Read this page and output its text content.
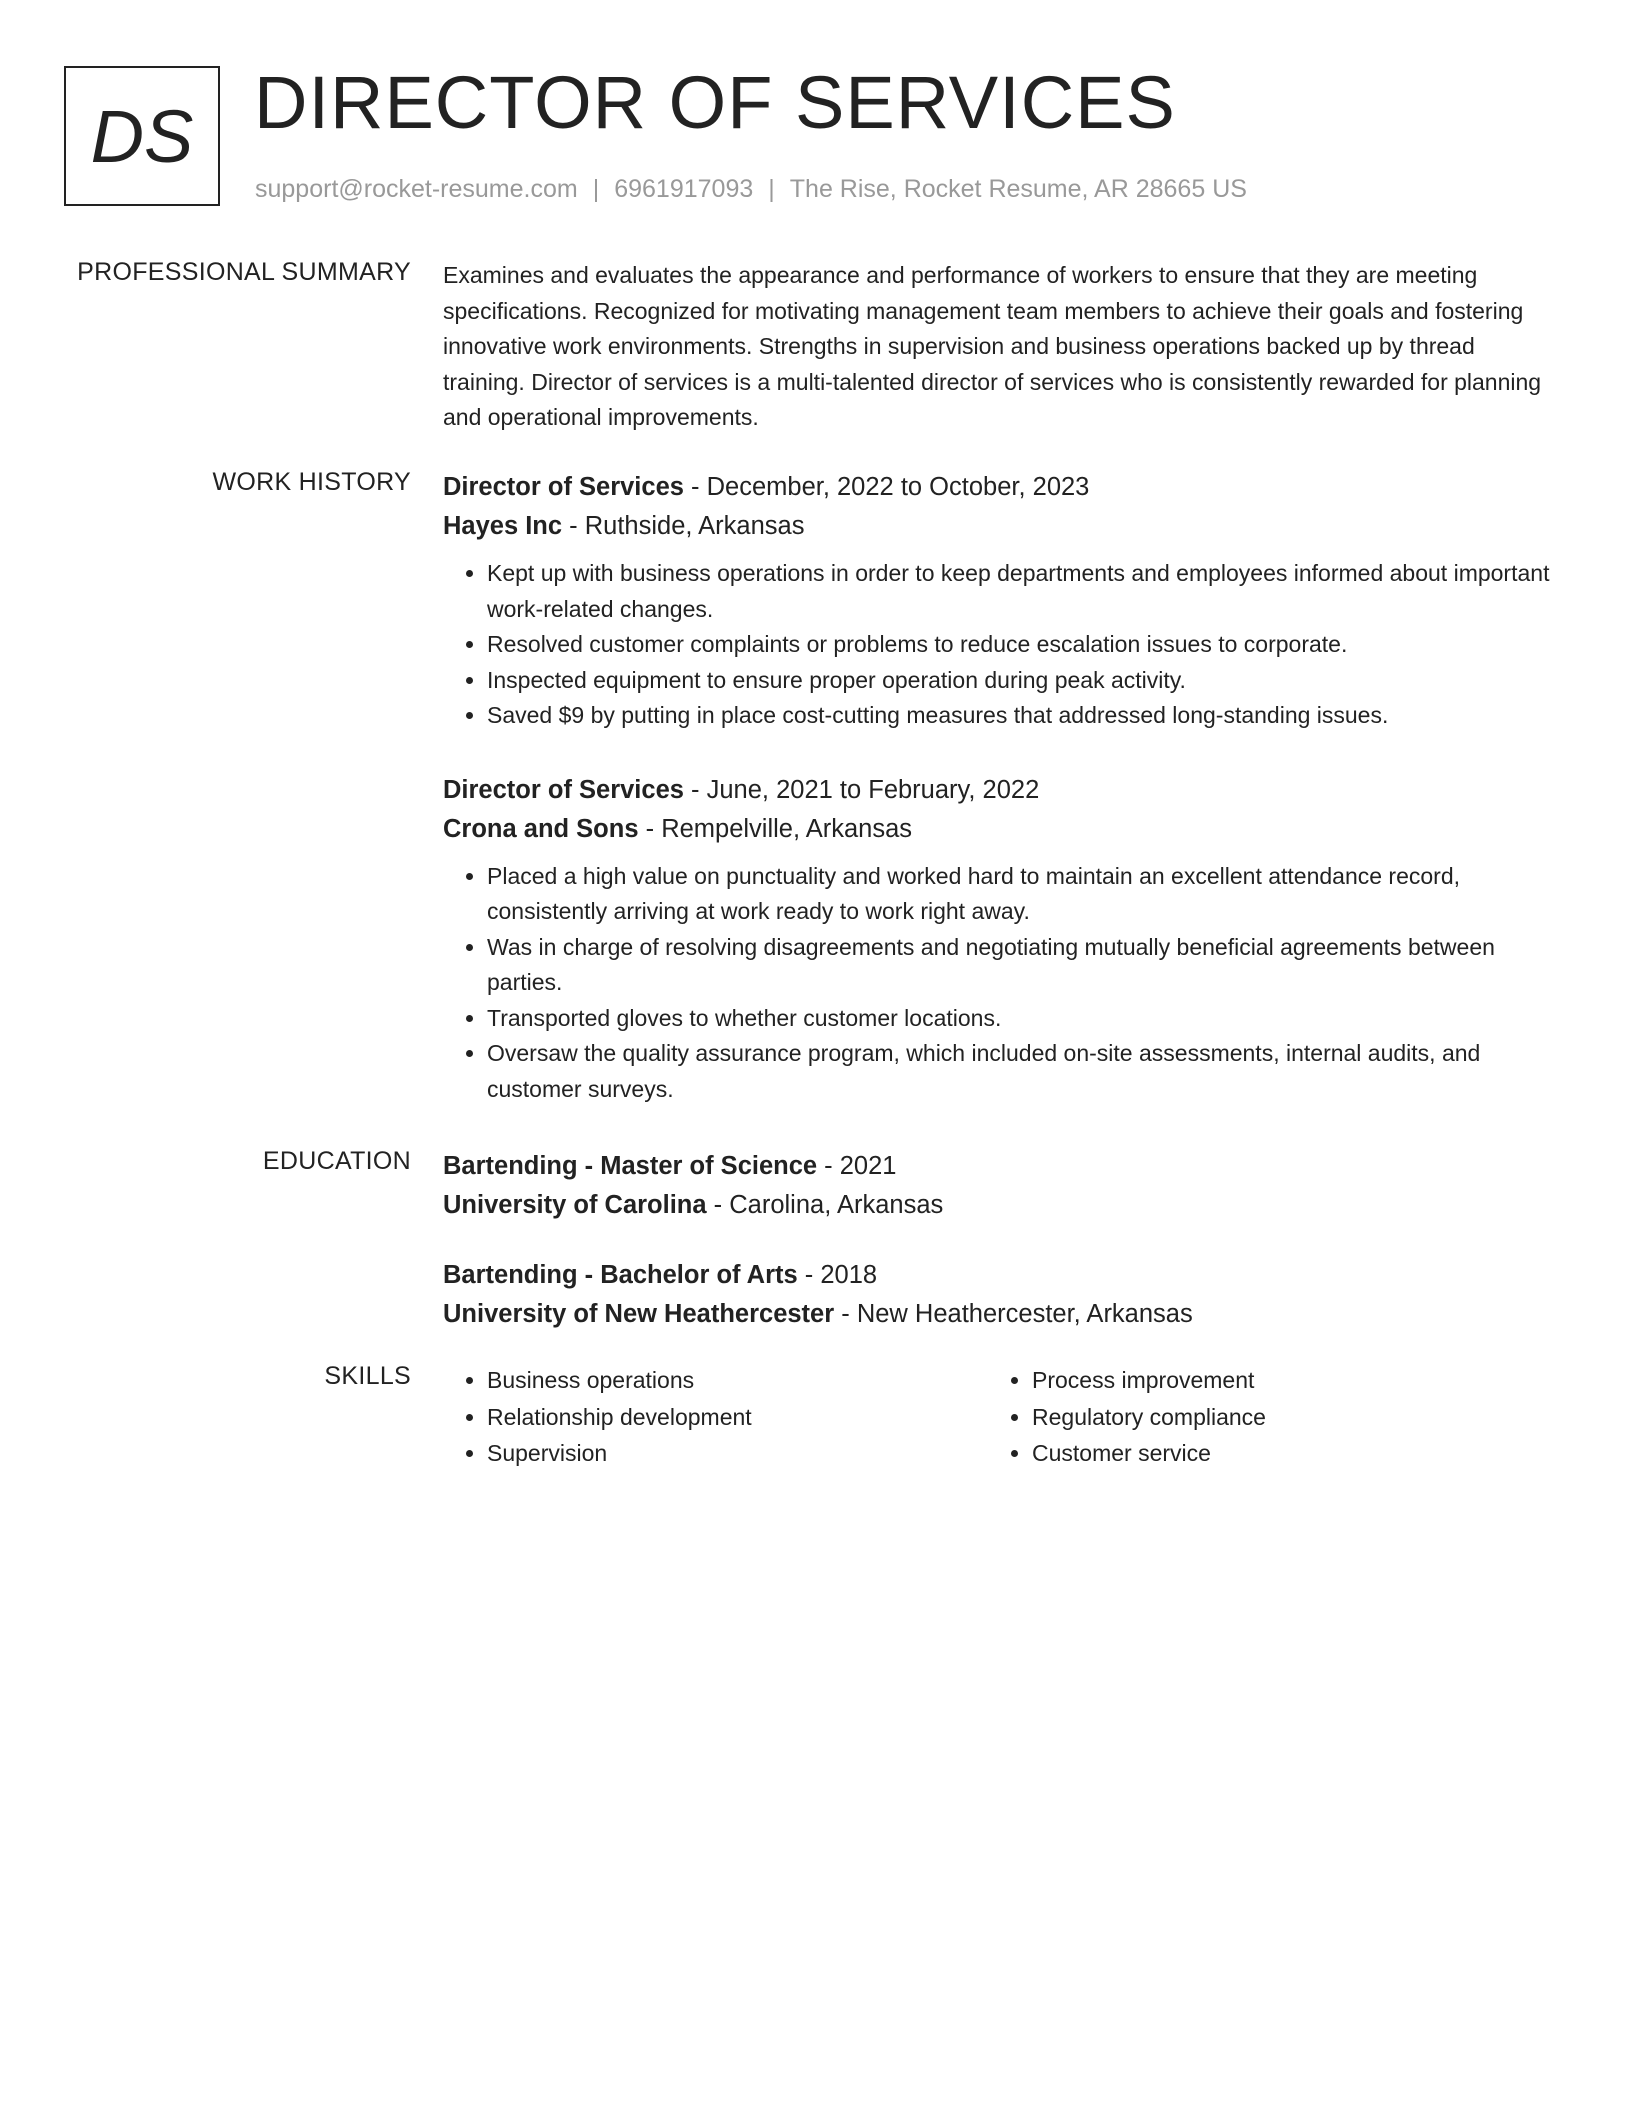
DS DIRECTOR OF SERVICES
support@rocket-resume.com | 6961917093 | The Rise, Rocket Resume, AR 28665 US
PROFESSIONAL SUMMARY Examines and evaluates the appearance and performance of workers to ensure that they are meeting specifications. Recognized for motivating management team members to achieve their goals and fostering innovative work environments. Strengths in supervision and business operations backed up by thread training. Director of services is a multi-talented director of services who is consistently rewarded for planning and operational improvements.

WORK HISTORY Director of Services - December, 2022 to October, 2023

Hayes Inc - Ruthside, Arkansas

• Kept up with business operations in order to keep departments and employees informed about important work-related changes.
• Resolved customer complaints or problems to reduce escalation issues to corporate.
• Inspected equipment to ensure proper operation during peak activity.
• Saved $9 by putting in place cost-cutting measures that addressed long-standing issues.

Director of Services - June, 2021 to February, 2022

Crona and Sons - Rempelville, Arkansas

• Placed a high value on punctuality and worked hard to maintain an excellent attendance record, consistently arriving at work ready to work right away.
• Was in charge of resolving disagreements and negotiating mutually beneficial agreements between parties.
• Transported gloves to whether customer locations.
• Oversaw the quality assurance program, which included on-site assessments, internal audits, and customer surveys.
EDUCATION Bartending - Master of Science - 2021

University of Carolina - Carolina, Arkansas

Bartending - Bachelor of Arts - 2018

University of New Heathercester - New Heathercester, Arkansas

SKILLS
•	Business operations
• Relationship development
• Supervision
• Process improvement
• Regulatory compliance
• Customer service
